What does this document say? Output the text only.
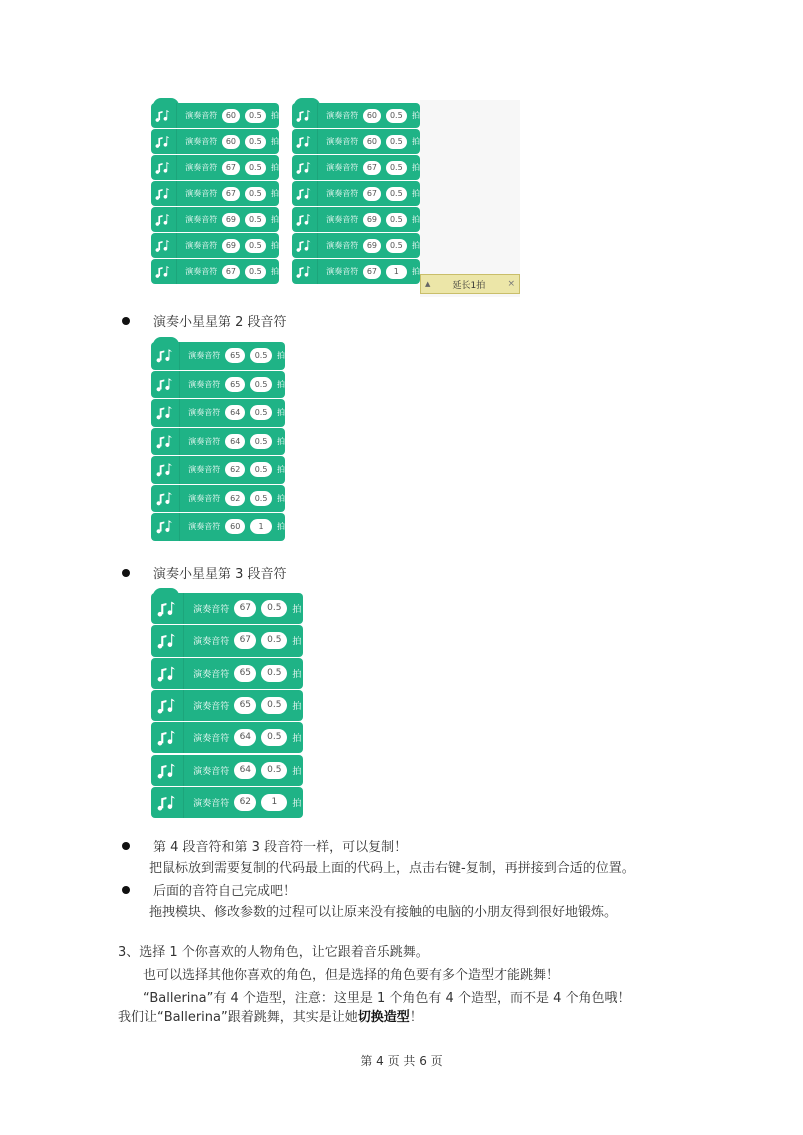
演奏音符	60	0.5	拍
演奏音符	60	0.5	拍
演奏音符	67	0.5	拍
演奏音符	67	0.5	拍
演奏音符	69	0.5	拍
演奏音符	69	0.5	拍
演奏音符	67	0.5	拍
演奏音符	60	0.5	拍
演奏音符	60	0.5	拍
演奏音符	67	0.5	拍
演奏音符	67	0.5	拍
演奏音符	69	0.5	拍
演奏音符	69	0.5	拍
演奏音符	67	1	拍
▲	延长1拍	×
演奏小星星第 2 段音符
演奏音符	65	0.5	拍
演奏音符	65	0.5	拍
演奏音符	64	0.5	拍
演奏音符	64	0.5	拍
演奏音符	62	0.5	拍
演奏音符	62	0.5	拍
演奏音符	60	1	拍
演奏小星星第 3 段音符
演奏音符	67	0.5	拍
演奏音符	67	0.5	拍
演奏音符	65	0.5	拍
演奏音符	65	0.5	拍
演奏音符	64	0.5	拍
演奏音符	64	0.5	拍
演奏音符	62	1	拍
第 4 段音符和第 3 段音符一样，可以复制！
把鼠标放到需要复制的代码最上面的代码上，点击右键-复制，再拼接到合适的位置。
后面的音符自己完成吧！
拖拽模块、修改参数的过程可以让原来没有接触的电脑的小朋友得到很好地锻炼。
3、选择 1 个你喜欢的人物角色，让它跟着音乐跳舞。
也可以选择其他你喜欢的角色，但是选择的角色要有多个造型才能跳舞！
“Ballerina”有 4 个造型，注意：这里是 1 个角色有 4 个造型，而不是 4 个角色哦！
我们让“Ballerina”跟着跳舞，其实是让她切换造型！
第 4 页 共 6 页
